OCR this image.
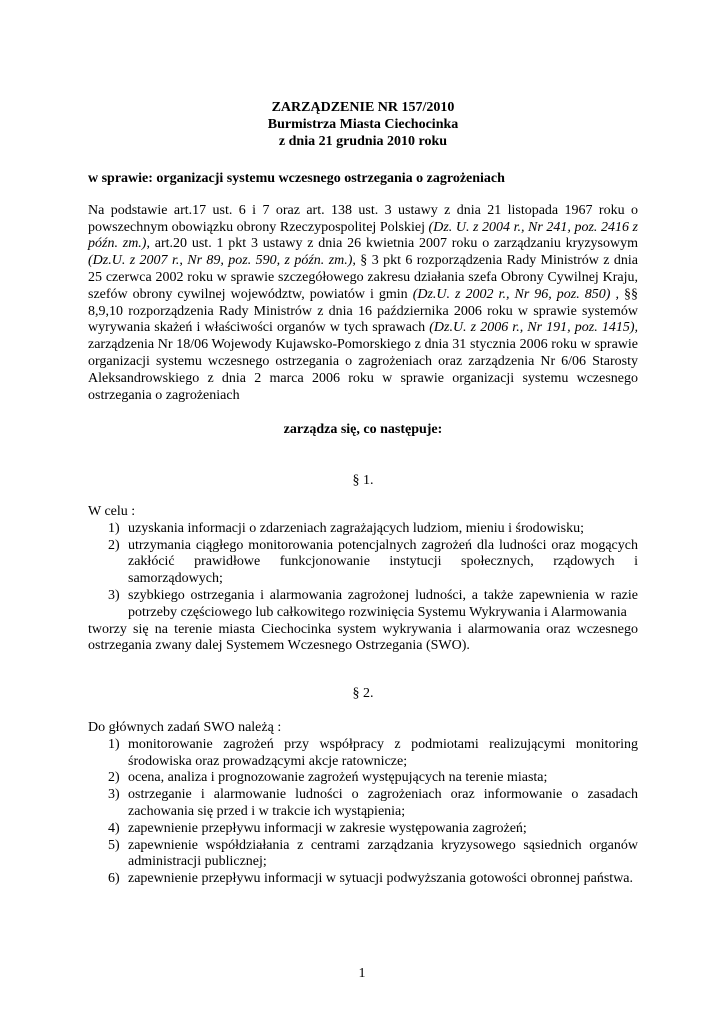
ZARZĄDZENIE NR 157/2010
Burmistrza Miasta Ciechocinka
z dnia 21 grudnia 2010 roku
w sprawie: organizacji systemu wczesnego ostrzegania o zagrożeniach
Na podstawie art.17 ust. 6 i 7 oraz art. 138 ust. 3 ustawy z dnia 21 listopada 1967 roku o powszechnym obowiązku obrony Rzeczypospolitej Polskiej (Dz. U. z 2004 r., Nr 241, poz. 2416 z późn. zm.), art.20 ust. 1 pkt 3 ustawy z dnia 26 kwietnia 2007 roku o zarządzaniu kryzysowym (Dz.U. z 2007 r., Nr 89, poz. 590, z późn. zm.), § 3 pkt 6 rozporządzenia Rady Ministrów z dnia 25 czerwca 2002 roku w sprawie szczegółowego zakresu działania szefa Obrony Cywilnej Kraju, szefów obrony cywilnej województw, powiatów i gmin (Dz.U. z 2002 r., Nr 96, poz. 850) , §§ 8,9,10 rozporządzenia Rady Ministrów z dnia 16 października 2006 roku w sprawie systemów wyrywania skażeń i właściwości organów w tych sprawach (Dz.U. z 2006 r., Nr 191, poz. 1415), zarządzenia Nr 18/06 Wojewody Kujawsko-Pomorskiego z dnia 31 stycznia 2006 roku w sprawie organizacji systemu wczesnego ostrzegania o zagrożeniach oraz zarządzenia Nr 6/06 Starosty Aleksandrowskiego z dnia 2 marca 2006 roku w sprawie organizacji systemu wczesnego ostrzegania o zagrożeniach
zarządza się, co następuje:
§ 1.
W celu :
1) uzyskania informacji o zdarzeniach zagrażających ludziom, mieniu i środowisku;
2) utrzymania ciągłego monitorowania potencjalnych zagrożeń dla ludności oraz mogących zakłócić prawidłowe funkcjonowanie instytucji społecznych, rządowych i samorządowych;
3) szybkiego ostrzegania i alarmowania zagrożonej ludności, a także zapewnienia w razie potrzeby częściowego lub całkowitego rozwinięcia Systemu Wykrywania i Alarmowania
tworzy się na terenie miasta Ciechocinka system wykrywania i alarmowania oraz wczesnego ostrzegania zwany dalej Systemem Wczesnego Ostrzegania (SWO).
§ 2.
Do głównych zadań SWO należą :
1) monitorowanie zagrożeń przy współpracy z podmiotami realizującymi monitoring środowiska oraz prowadzącymi akcje ratownicze;
2) ocena, analiza i prognozowanie zagrożeń występujących na terenie miasta;
3) ostrzeganie i alarmowanie ludności o zagrożeniach oraz informowanie o zasadach zachowania się przed i w trakcie ich wystąpienia;
4) zapewnienie przepływu informacji w zakresie występowania zagrożeń;
5) zapewnienie współdziałania z centrami zarządzania kryzysowego sąsiednich organów administracji publicznej;
6) zapewnienie przepływu informacji w sytuacji podwyższania gotowości obronnej państwa.
1
